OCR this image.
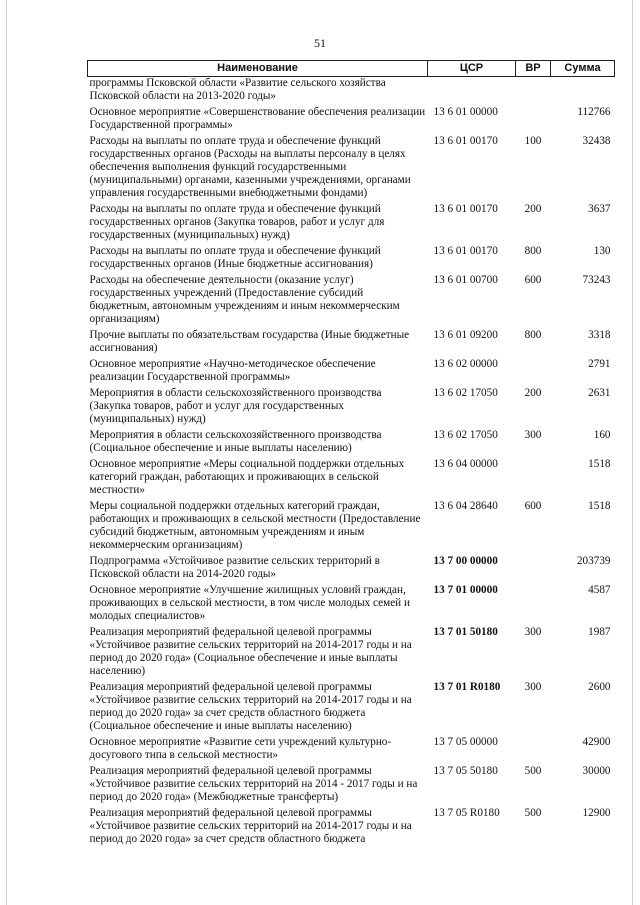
51
Наименование	ЦСР	ВР	Сумма
программы Псковской области «Развитие сельского хозяйства Псковской области на 2013-2020 годы»			
Основное мероприятие «Совершенствование обеспечения реализации Государственной программы»	13 6 01 00000		112766
Расходы на выплаты по оплате труда и обеспечение функций государственных органов (Расходы на выплаты персоналу в целях обеспечения выполнения функций государственными (муниципальными) органами, казенными учреждениями, органами управления государственными внебюджетными фондами)	13 6 01 00170	100	32438
Расходы на выплаты по оплате труда и обеспечение функций государственных органов (Закупка товаров, работ и услуг для государственных (муниципальных) нужд)	13 6 01 00170	200	3637
Расходы на выплаты по оплате труда и обеспечение функций государственных органов (Иные бюджетные ассигнования)	13 6 01 00170	800	130
Расходы на обеспечение деятельности (оказание услуг) государственных учреждений (Предоставление субсидий бюджетным, автономным учреждениям и иным некоммерческим организациям)	13 6 01 00700	600	73243
Прочие выплаты по обязательствам государства (Иные бюджетные ассигнования)	13 6 01 09200	800	3318
Основное мероприятие «Научно-методическое обеспечение реализации Государственной программы»	13 6 02 00000		2791
Мероприятия в области сельскохозяйственного производства (Закупка товаров, работ и услуг для государственных (муниципальных) нужд)	13 6 02 17050	200	2631
Мероприятия в области сельскохозяйственного производства (Социальное обеспечение и иные выплаты населению)	13 6 02 17050	300	160
Основное мероприятие «Меры социальной поддержки отдельных категорий граждан, работающих и проживающих в сельской местности»	13 6 04 00000		1518
Меры социальной поддержки отдельных категорий граждан, работающих и проживающих в сельской местности (Предоставление субсидий бюджетным, автономным учреждениям и иным некоммерческим организациям)	13 6 04 28640	600	1518
Подпрограмма «Устойчивое развитие сельских территорий в Псковской области на 2014-2020 годы»	13 7 00 00000		203739
Основное мероприятие «Улучшение жилищных условий граждан, проживающих в сельской местности, в том числе молодых семей и молодых специалистов»	13 7 01 00000		4587
Реализация мероприятий федеральной целевой программы «Устойчивое развитие сельских территорий на 2014-2017 годы и на период до 2020 года» (Социальное обеспечение и иные выплаты населению)	13 7 01 50180	300	1987
Реализация мероприятий федеральной целевой программы «Устойчивое развитие сельских территорий на 2014-2017 годы и на период до 2020 года» за счет средств областного бюджета (Социальное обеспечение и иные выплаты населению)	13 7 01 R0180	300	2600
Основное мероприятие «Развитие сети учреждений культурно-досугового типа в сельской местности»	13 7 05 00000		42900
Реализация мероприятий федеральной целевой программы «Устойчивое развитие сельских территорий на 2014 - 2017 годы и на период до 2020 года» (Межбюджетные трансферты)	13 7 05 50180	500	30000
Реализация мероприятий федеральной целевой программы «Устойчивое развитие сельских территорий на 2014-2017 годы и на период до 2020 года» за счет средств областного бюджета	13 7 05 R0180	500	12900
